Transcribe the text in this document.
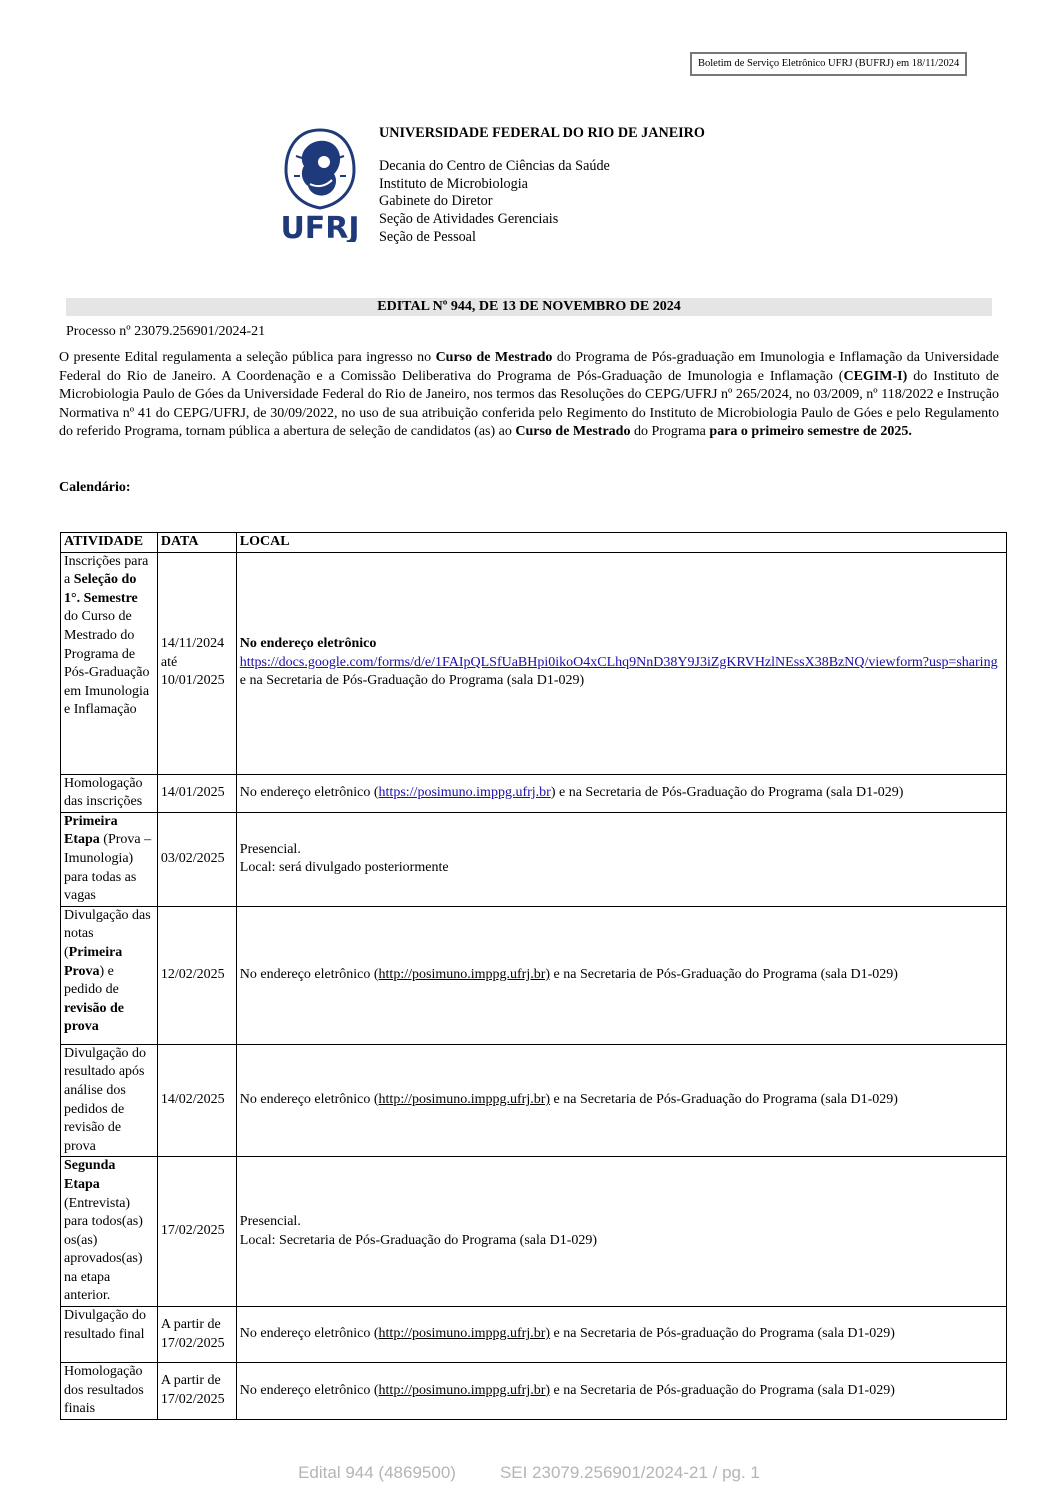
Boletim de Serviço Eletrônico UFRJ (BUFRJ) em 18/11/2024
UFRJ
UNIVERSIDADE FEDERAL DO RIO DE JANEIRO
Decania do Centro de Ciências da Saúde
Instituto de Microbiologia
Gabinete do Diretor
Seção de Atividades Gerenciais
Seção de Pessoal
EDITAL Nº 944, DE 13 DE NOVEMBRO DE 2024
Processo nº 23079.256901/2024-21
O presente Edital regulamenta a seleção pública para ingresso no Curso de Mestrado do Programa de Pós-graduação em Imunologia e Inflamação da Universidade Federal do Rio de Janeiro. A Coordenação e a Comissão Deliberativa do Programa de Pós-Graduação de Imunologia e Inflamação (CEGIM-I) do Instituto de Microbiologia Paulo de Góes da Universidade Federal do Rio de Janeiro, nos termos das Resoluções do CEPG/UFRJ nº 265/2024, no 03/2009, nº 118/2022 e Instrução Normativa nº 41 do CEPG/UFRJ, de 30/09/2022, no uso de sua atribuição conferida pelo Regimento do Instituto de Microbiologia Paulo de Góes e pelo Regulamento do referido Programa, tornam pública a abertura de seleção de candidatos (as) ao Curso de Mestrado do Programa para o primeiro semestre de 2025.
Calendário:
ATIVIDADE	DATA	LOCAL
Inscrições para a Seleção do 1°. Semestre do Curso de Mestrado do Programa de Pós-Graduação em Imunologia e Inflamação	14/11/2024 até 10/01/2025	No endereço eletrônico
https://docs.google.com/forms/d/e/1FAIpQLSfUaBHpi0ikoO4xCLhq9NnD38Y9J3iZgKRVHzlNEssX38BzNQ/viewform?usp=sharing e na Secretaria de Pós-Graduação do Programa (sala D1-029)
Homologação das inscrições	14/01/2025	No endereço eletrônico (https://posimuno.imppg.ufrj.br) e na Secretaria de Pós-Graduação do Programa (sala D1-029)
Primeira Etapa (Prova – Imunologia) para todas as vagas	03/02/2025	Presencial.
Local: será divulgado posteriormente
Divulgação das notas (Primeira Prova) e pedido de revisão de prova	12/02/2025	No endereço eletrônico (http://posimuno.imppg.ufrj.br) e na Secretaria de Pós-Graduação do Programa (sala D1-029)
Divulgação do resultado após análise dos pedidos de revisão de prova	14/02/2025	No endereço eletrônico (http://posimuno.imppg.ufrj.br) e na Secretaria de Pós-Graduação do Programa (sala D1-029)
Segunda Etapa (Entrevista) para todos(as) os(as) aprovados(as) na etapa anterior.	17/02/2025	Presencial.
Local: Secretaria de Pós-Graduação do Programa (sala D1-029)
Divulgação do resultado final	A partir de 17/02/2025	No endereço eletrônico (http://posimuno.imppg.ufrj.br) e na Secretaria de Pós-graduação do Programa (sala D1-029)
Homologação dos resultados finais	A partir de 17/02/2025	No endereço eletrônico (http://posimuno.imppg.ufrj.br) e na Secretaria de Pós-graduação do Programa (sala D1-029)
Edital 944 (4869500)	SEI 23079.256901/2024-21 / pg. 1
